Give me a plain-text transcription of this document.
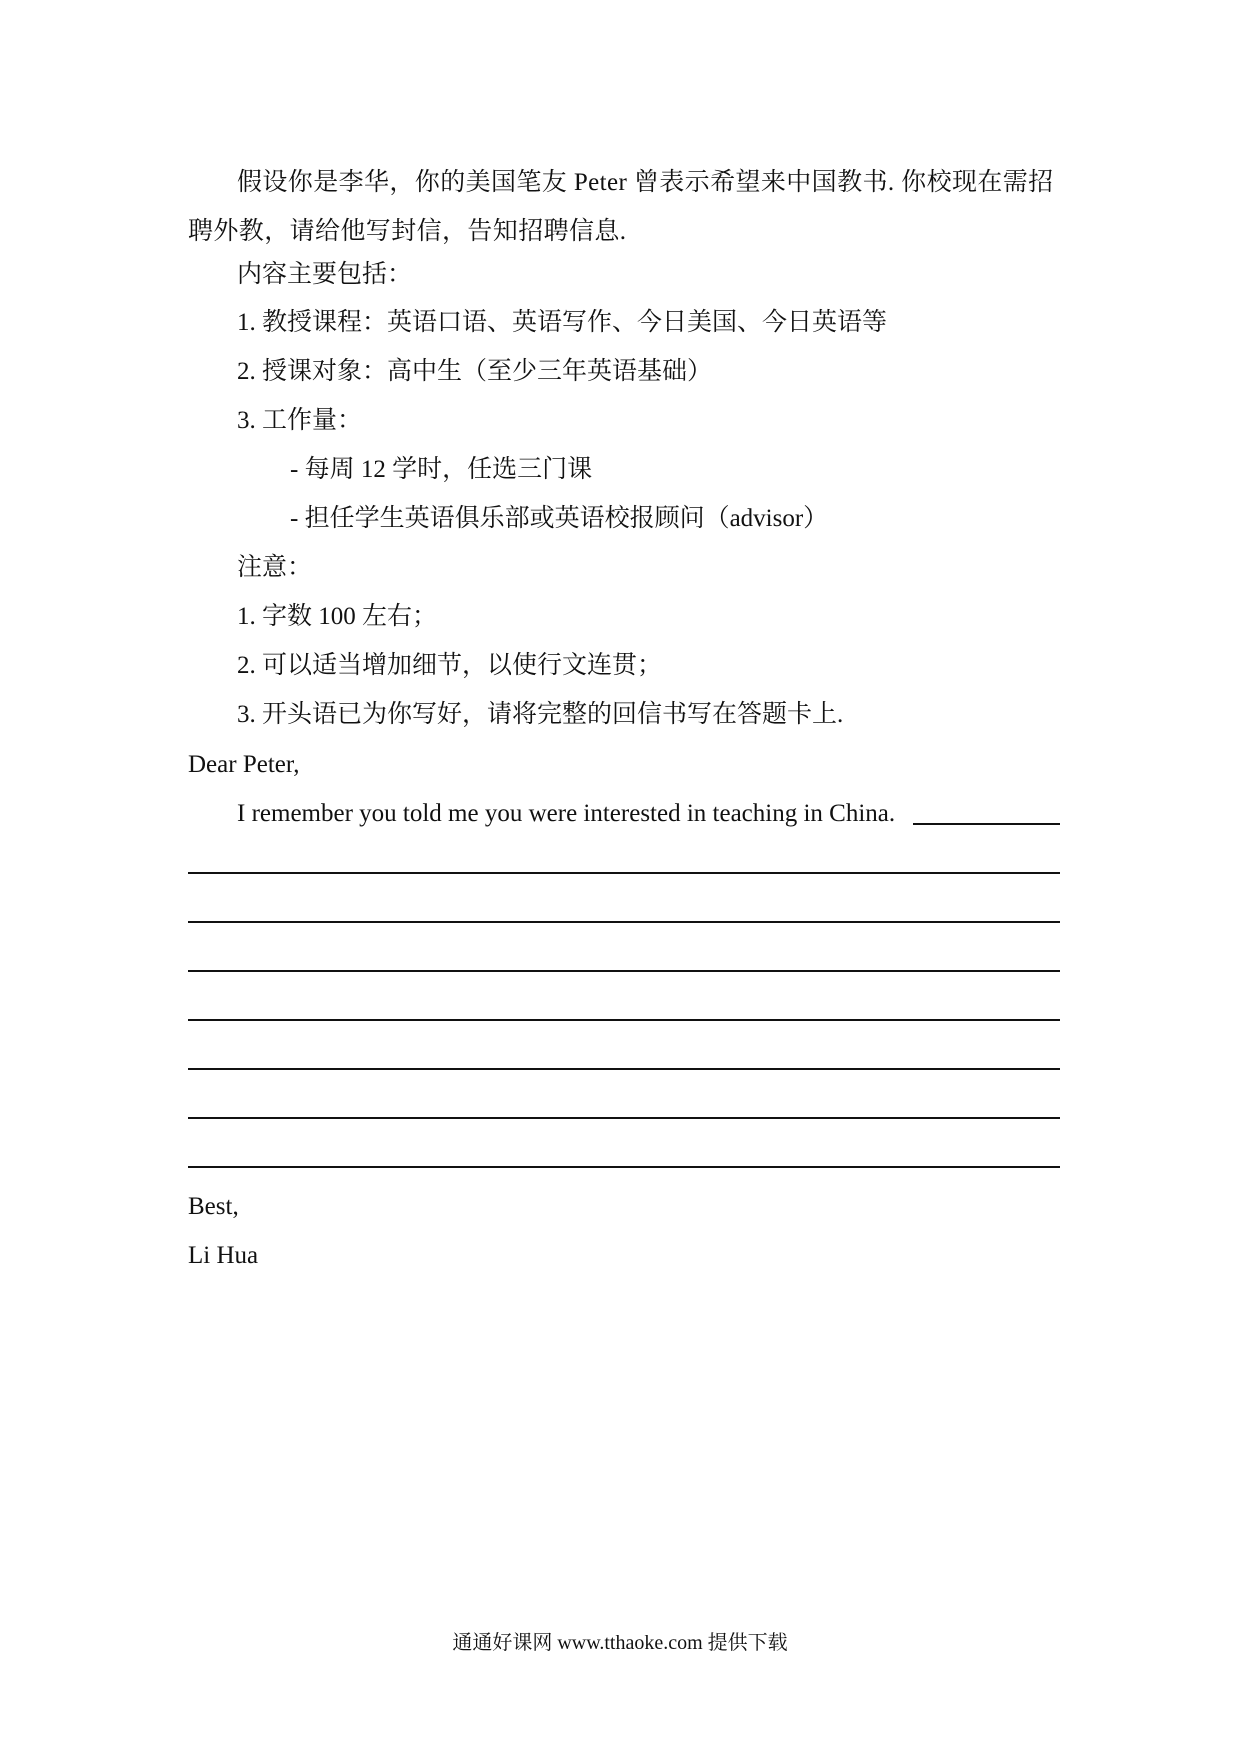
假设你是李华，你的美国笔友 Peter 曾表示希望来中国教书. 你校现在需招聘外教，请给他写封信，告知招聘信息.
内容主要包括：
1. 教授课程：英语口语、英语写作、今日美国、今日英语等
2. 授课对象：高中生（至少三年英语基础）
3. 工作量：
- 每周 12 学时，任选三门课
- 担任学生英语俱乐部或英语校报顾问（advisor）
注意：
1. 字数 100 左右；
2. 可以适当增加细节，以使行文连贯；
3. 开头语已为你写好，请将完整的回信书写在答题卡上.
Dear Peter,
I remember you told me you were interested in teaching in China.
Best,
Li Hua
通通好课网 www.tthaoke.com 提供下载
